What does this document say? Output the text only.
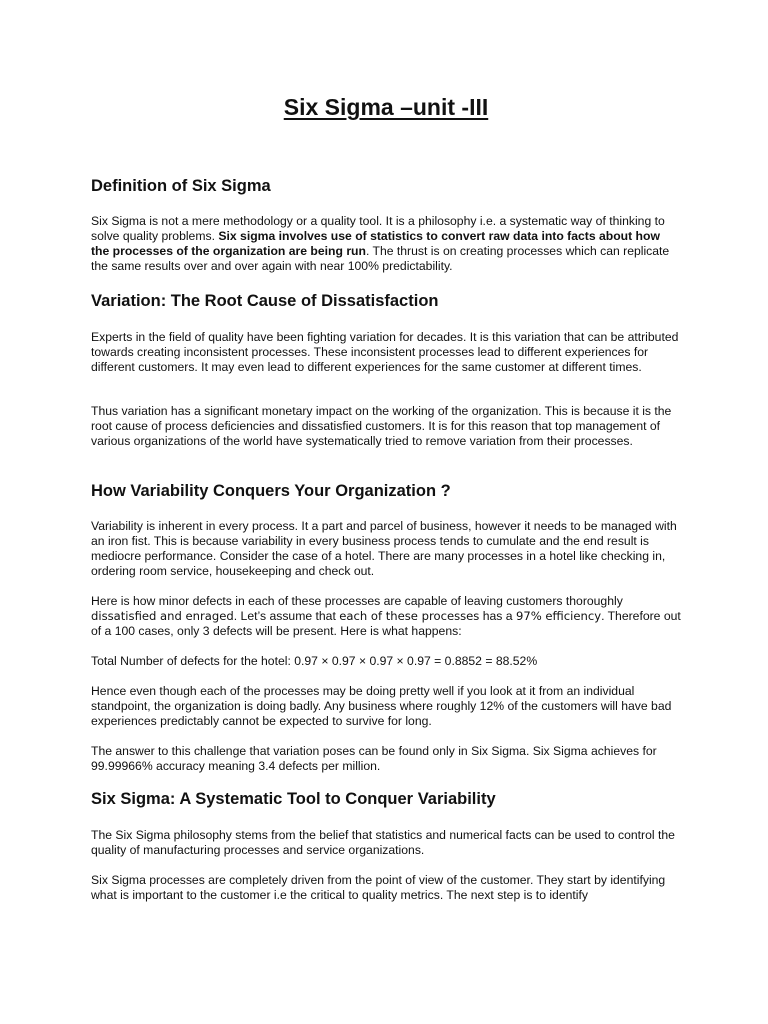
Six Sigma –unit -III
Definition of Six Sigma

Six Sigma is not a mere methodology or a quality tool. It is a philosophy i.e. a systematic way of thinking to solve quality problems. Six sigma involves use of statistics to convert raw data into facts about how the processes of the organization are being run. The thrust is on creating processes which can replicate the same results over and over again with near 100% predictability.

Variation: The Root Cause of Dissatisfaction

Experts in the field of quality have been fighting variation for decades. It is this variation that can be attributed towards creating inconsistent processes. These inconsistent processes lead to different experiences for different customers. It may even lead to different experiences for the same customer at different times.

Thus variation has a significant monetary impact on the working of the organization. This is because it is the root cause of process deficiencies and dissatisfied customers. It is for this reason that top management of various organizations of the world have systematically tried to remove variation from their processes.

How Variability Conquers Your Organization ?

Variability is inherent in every process. It a part and parcel of business, however it needs to be managed with an iron fist. This is because variability in every business process tends to cumulate and the end result is mediocre performance. Consider the case of a hotel. There are many processes in a hotel like checking in, ordering room service, housekeeping and check out.

Here is how minor defects in each of these processes are capable of leaving customers thoroughly dissatisfied and enraged. Let’s assume that each of these processes has a 97% efficiency. Therefore out of a 100 cases, only 3 defects will be present. Here is what happens:

Total Number of defects for the hotel: 0.97 × 0.97 × 0.97 × 0.97 = 0.8852 = 88.52%

Hence even though each of the processes may be doing pretty well if you look at it from an individual standpoint, the organization is doing badly. Any business where roughly 12% of the customers will have bad experiences predictably cannot be expected to survive for long.

The answer to this challenge that variation poses can be found only in Six Sigma. Six Sigma achieves for 99.99966% accuracy meaning 3.4 defects per million.

Six Sigma: A Systematic Tool to Conquer Variability

The Six Sigma philosophy stems from the belief that statistics and numerical facts can be used to control the quality of manufacturing processes and service organizations.

Six Sigma processes are completely driven from the point of view of the customer. They start by identifying what is important to the customer i.e the critical to quality metrics. The next step is to identify
